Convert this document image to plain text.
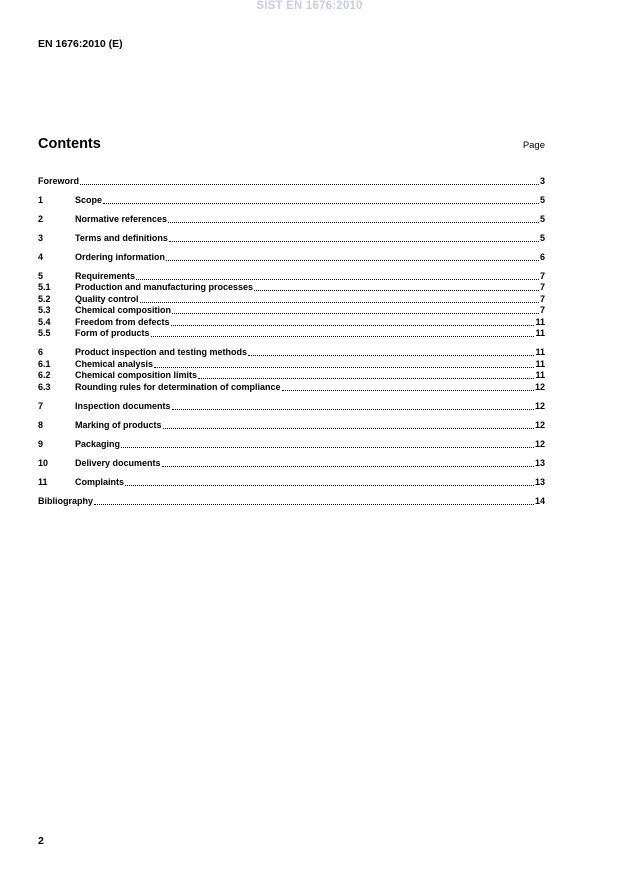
SIST EN 1676:2010
EN 1676:2010 (E)
Contents	Page
Foreword	3
1	Scope	5
2	Normative references	5
3	Terms and definitions	5
4	Ordering information	6
5	Requirements	7
5.1	Production and manufacturing processes	7
5.2	Quality control	7
5.3	Chemical composition	7
5.4	Freedom from defects	11
5.5	Form of products	11
6	Product inspection and testing methods	11
6.1	Chemical analysis	11
6.2	Chemical composition limits	11
6.3	Rounding rules for determination of compliance	12
7	Inspection documents	12
8	Marking of products	12
9	Packaging	12
10	Delivery documents	13
11	Complaints	13
Bibliography	14
2
